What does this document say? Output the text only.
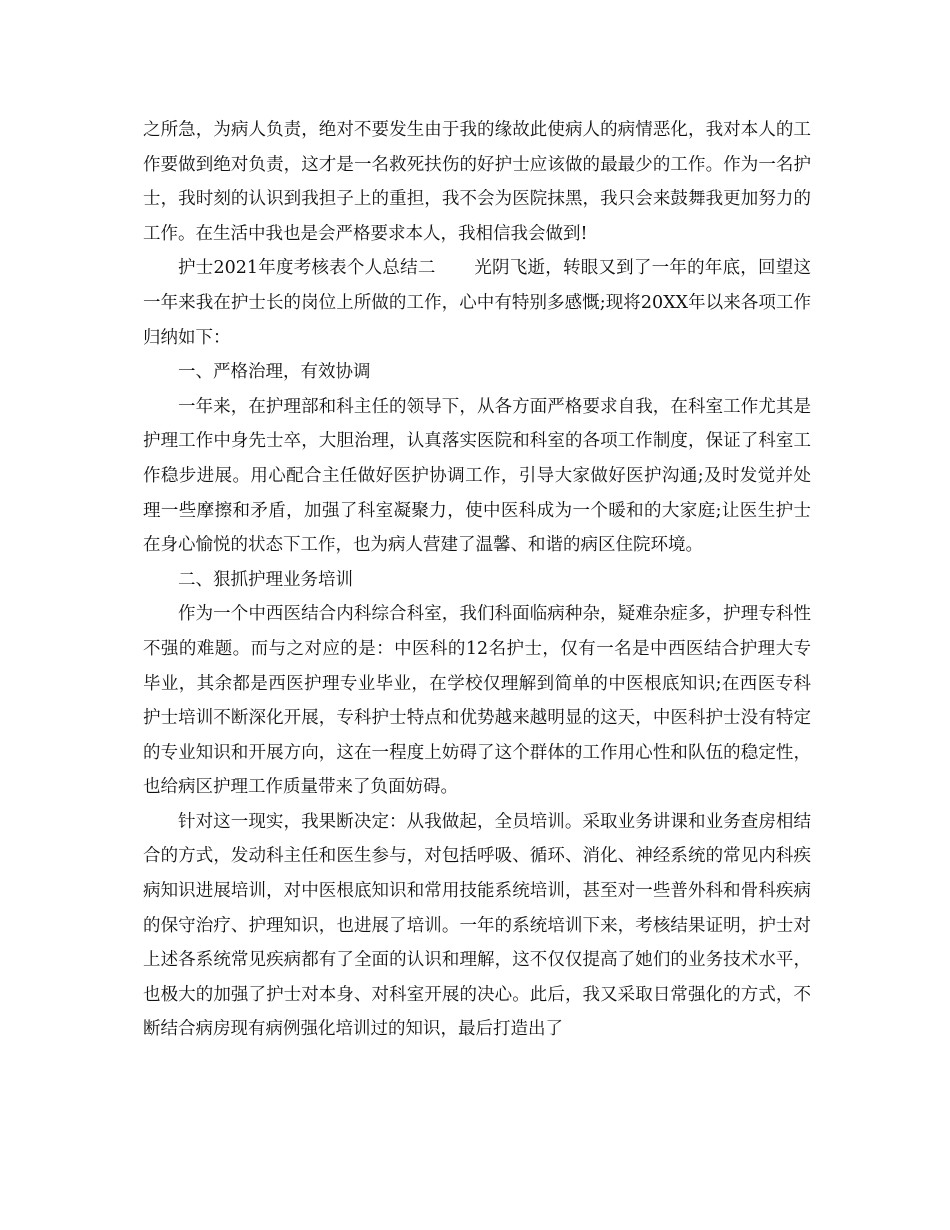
之所急，为病人负责，绝对不要发生由于我的缘故此使病人的病情恶化，我对本人的工作要做到绝对负责，这才是一名救死扶伤的好护士应该做的最最少的工作。作为一名护士，我时刻的认识到我担子上的重担，我不会为医院抹黑，我只会来鼓舞我更加努力的工作。在生活中我也是会严格要求本人，我相信我会做到!

护士2021年度考核表个人总结二 光阴飞逝，转眼又到了一年的年底，回望这一年来我在护士长的岗位上所做的工作，心中有特别多感慨;现将20XX年以来各项工作归纳如下：

一、严格治理，有效协调

一年来，在护理部和科主任的领导下，从各方面严格要求自我，在科室工作尤其是护理工作中身先士卒，大胆治理，认真落实医院和科室的各项工作制度，保证了科室工作稳步进展。用心配合主任做好医护协调工作，引导大家做好医护沟通;及时发觉并处理一些摩擦和矛盾，加强了科室凝聚力，使中医科成为一个暖和的大家庭;让医生护士在身心愉悦的状态下工作，也为病人营建了温馨、和谐的病区住院环境。

二、狠抓护理业务培训

作为一个中西医结合内科综合科室，我们科面临病种杂，疑难杂症多，护理专科性不强的难题。而与之对应的是：中医科的12名护士，仅有一名是中西医结合护理大专毕业，其余都是西医护理专业毕业，在学校仅理解到简单的中医根底知识;在西医专科护士培训不断深化开展，专科护士特点和优势越来越明显的这天，中医科护士没有特定的专业知识和开展方向，这在一程度上妨碍了这个群体的工作用心性和队伍的稳定性，也给病区护理工作质量带来了负面妨碍。

针对这一现实，我果断决定：从我做起，全员培训。采取业务讲课和业务查房相结合的方式，发动科主任和医生参与，对包括呼吸、循环、消化、神经系统的常见内科疾病知识进展培训，对中医根底知识和常用技能系统培训，甚至对一些普外科和骨科疾病的保守治疗、护理知识，也进展了培训。一年的系统培训下来，考核结果证明，护士对上述各系统常见疾病都有了全面的认识和理解，这不仅仅提高了她们的业务技术水平，也极大的加强了护士对本身、对科室开展的决心。此后，我又采取日常强化的方式，不断结合病房现有病例强化培训过的知识，最后打造出了
